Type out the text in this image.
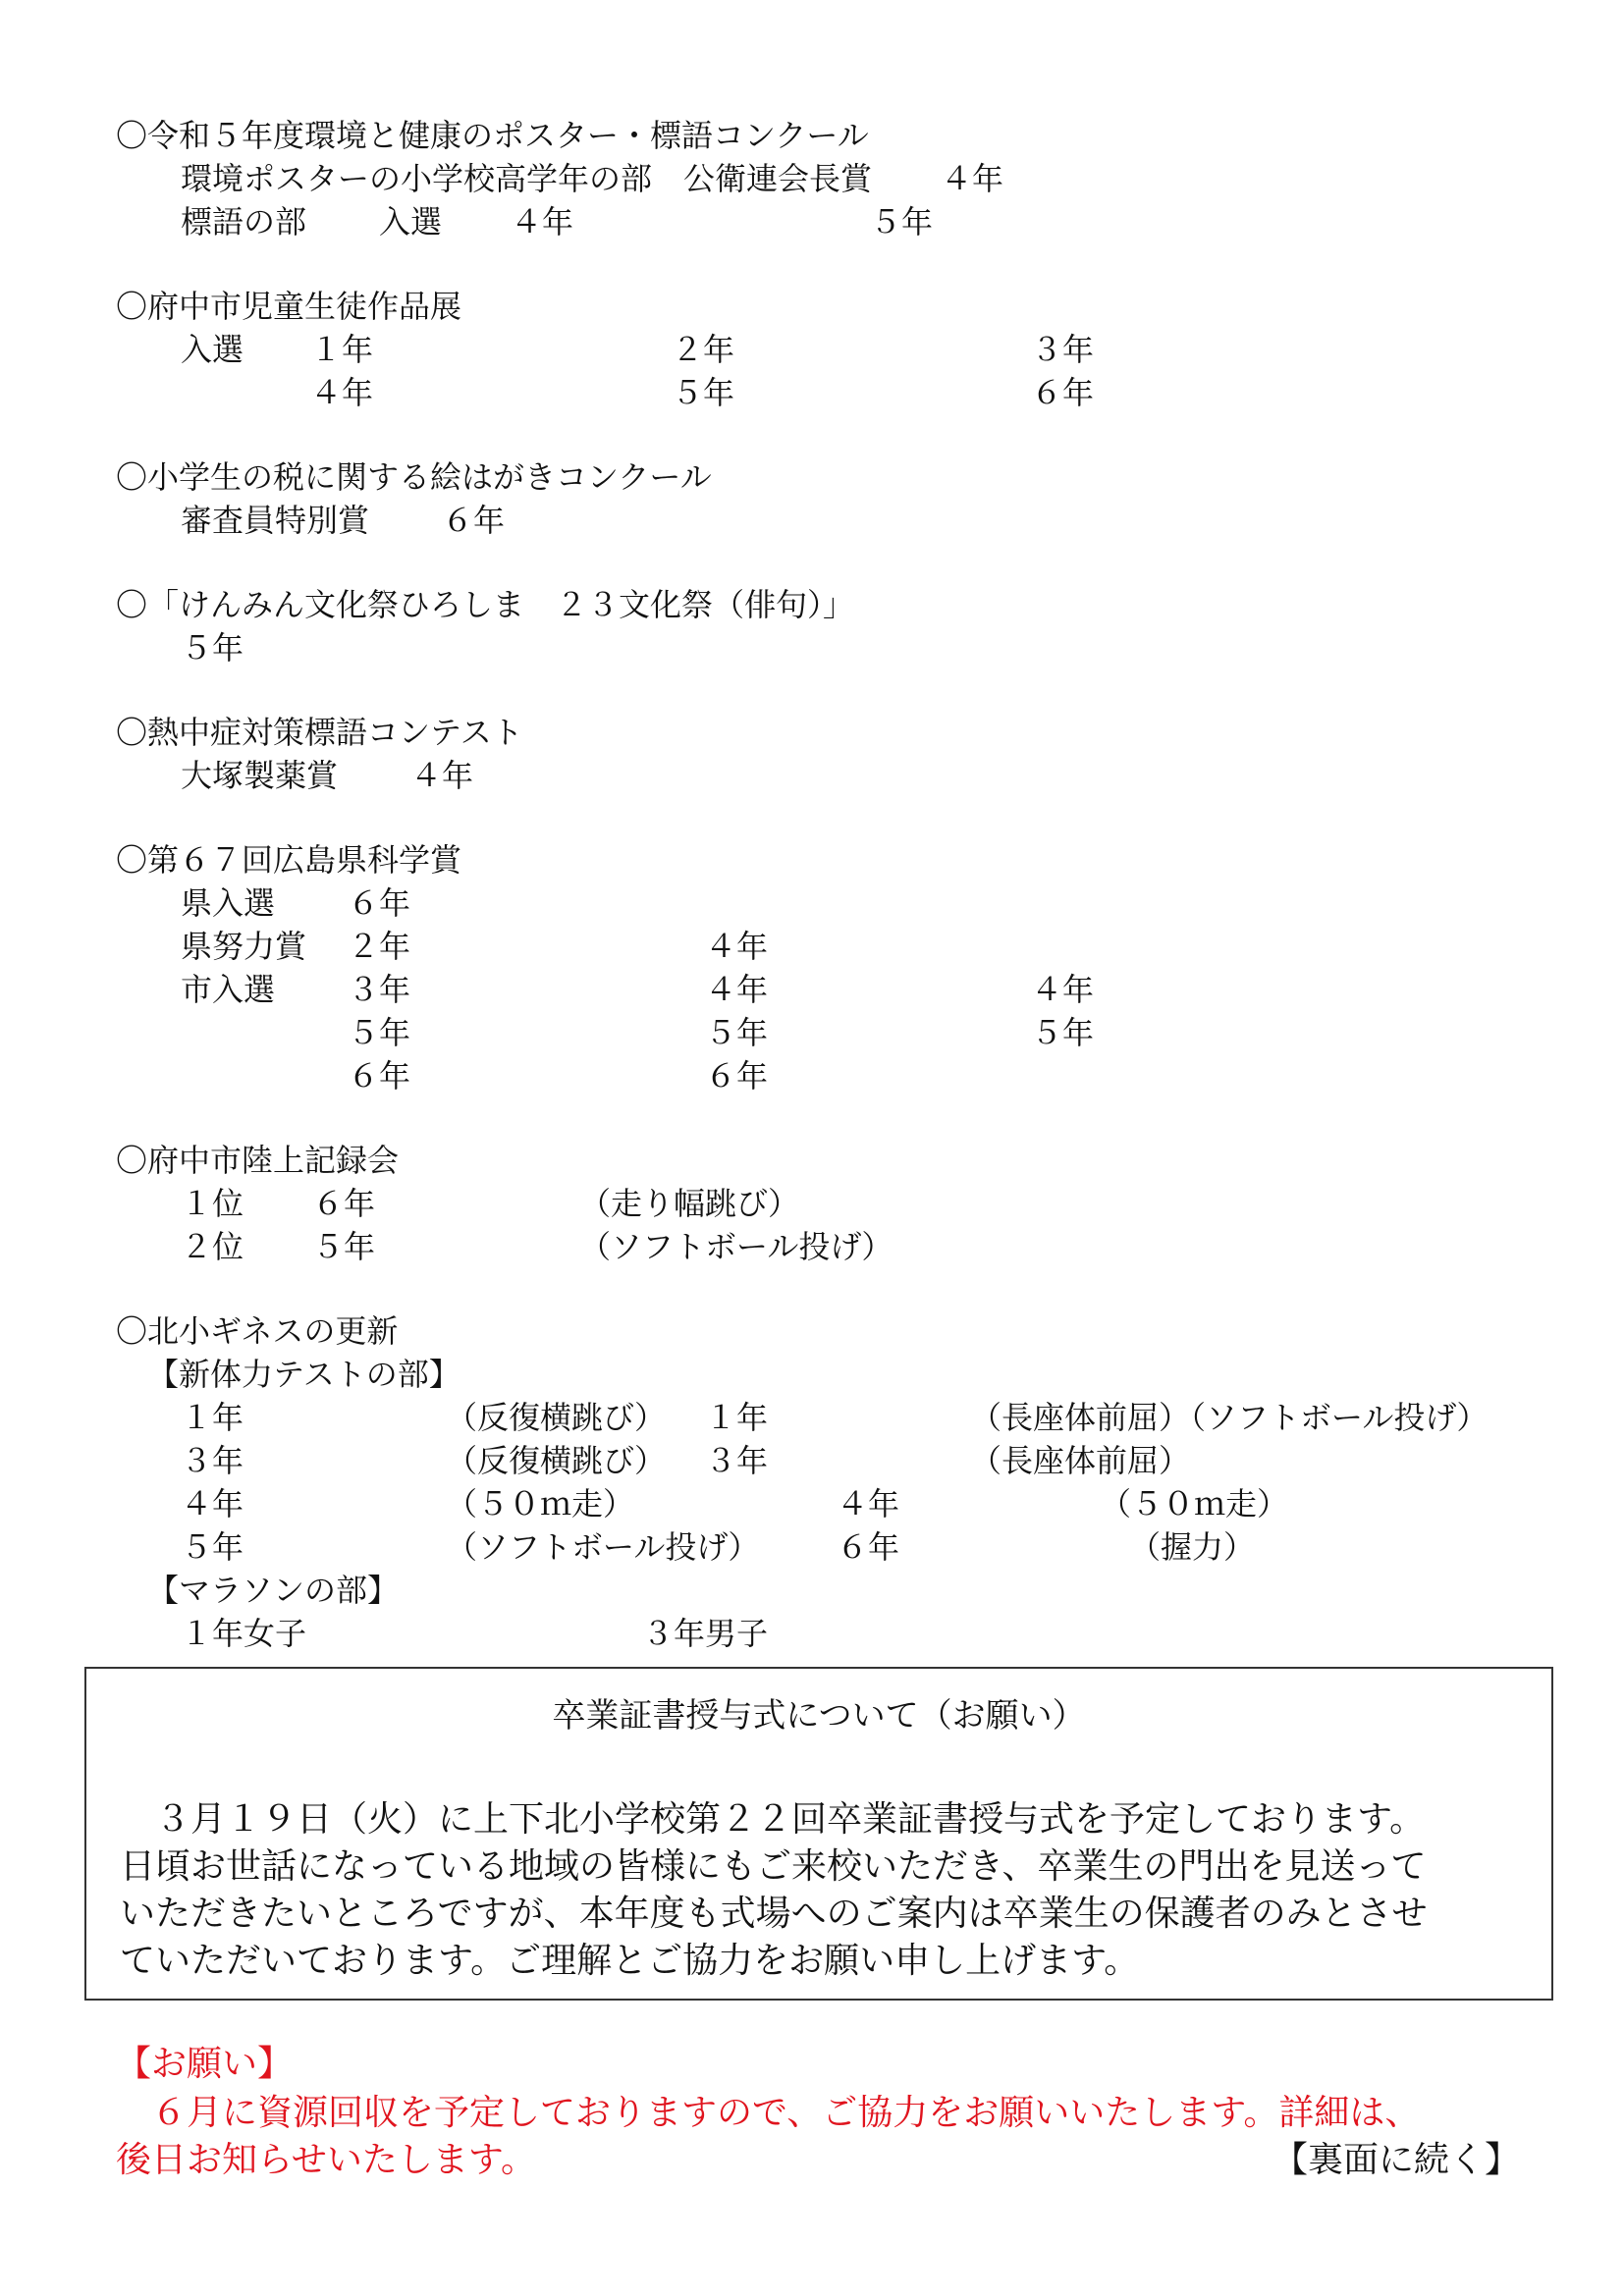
〇令和５年度環境と健康のポスター・標語コンクール
環境ポスターの小学校高学年の部　公衛連会長賞 ４年
標語の部 入選 ４年	５年
〇府中市児童生徒作品展
入選 １年	２年	３年
４年	５年	６年
〇小学生の税に関する絵はがきコンクール
審査員特別賞 ６年
〇「けんみん文化祭ひろしま　２３文化祭（俳句）」
５年
〇熱中症対策標語コンテスト
大塚製薬賞 ４年
〇第６７回広島県科学賞
県入選 ６年
県努力賞 ２年	４年
市入選 ３年	４年	４年
５年	５年	５年
６年	６年
〇府中市陸上記録会
１位 ６年	（走り幅跳び）
２位 ５年	（ソフトボール投げ）
〇北小ギネスの更新
【新体力テストの部】
１年	（反復横跳び） １年	（長座体前屈）（ソフトボール投げ）
３年	（反復横跳び） ３年	（長座体前屈）
４年	（５０ｍ走）	４年	（５０ｍ走）
５年	（ソフトボール投げ） ６年	（握力）
【マラソンの部】
１年女子	３年男子
卒業証書授与式について（お願い）
　３月１９日（火）に上下北小学校第２２回卒業証書授与式を予定しております。
日頃お世話になっている地域の皆様にもご来校いただき、卒業生の門出を見送って
いただきたいところですが、本年度も式場へのご案内は卒業生の保護者のみとさせ
ていただいております。ご理解とご協力をお願い申し上げます。
【お願い】
　６月に資源回収を予定しておりますので、ご協力をお願いいたします。詳細は、
後日お知らせいたします。	【裏面に続く】
